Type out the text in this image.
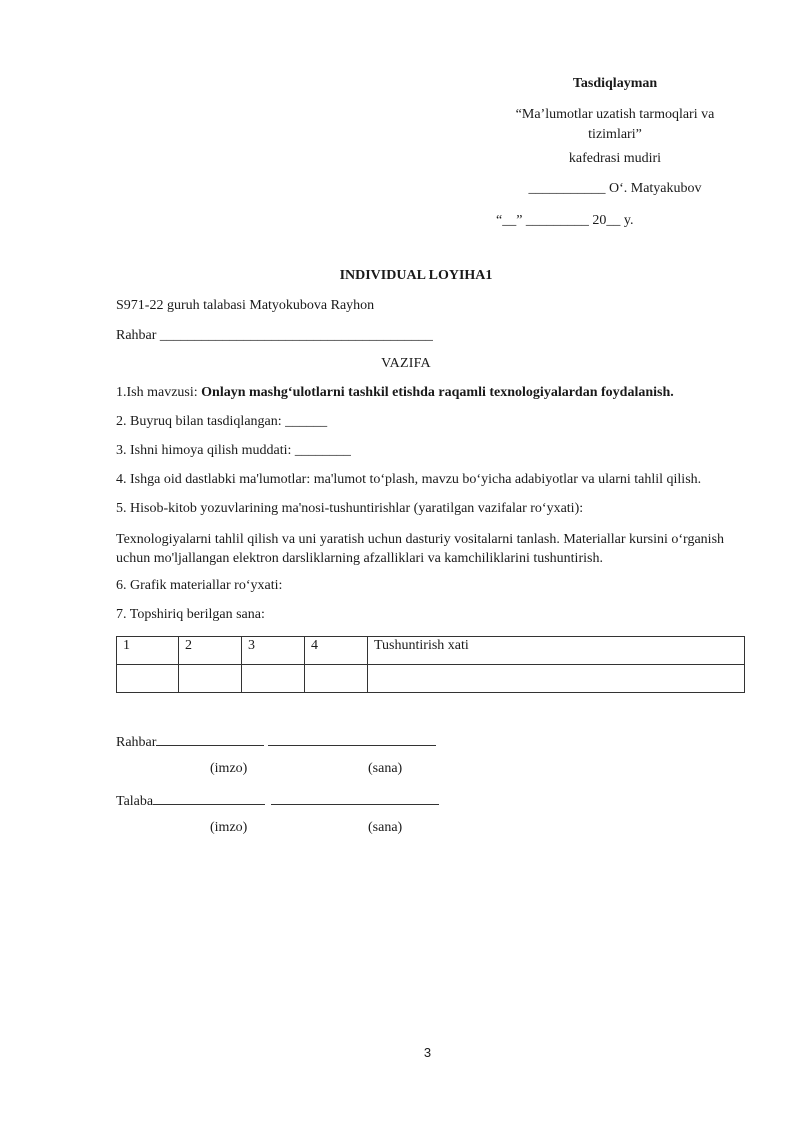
Tasdiqlayman
“Ma’lumotlar uzatish tarmoqlari va tizimlari”
kafedrasi mudiri
___________ O‘. Matyakubov
“__” _________ 20__ y.
INDIVIDUAL LOYIHA1
S971-22 guruh talabasi Matyokubova Rayhon
Rahbar _______________________________________
VAZIFA
1.Ish mavzusi: Onlayn mashg‘ulotlarni tashkil etishda raqamli texnologiyalardan foydalanish.
2. Buyruq bilan tasdiqlangan: ______
3. Ishni himoya qilish muddati: ________
4. Ishga oid dastlabki ma'lumotlar: ma'lumot to‘plash, mavzu bo‘yicha adabiyotlar va ularni tahlil qilish.
5. Hisob-kitob yozuvlarining ma'nosi-tushuntirishlar (yaratilgan vazifalar ro‘yxati):
Texnologiyalarni tahlil qilish va uni yaratish uchun dasturiy vositalarni tanlash. Materiallar kursini o‘rganish uchun mo'ljallangan elektron darsliklarning afzalliklari va kamchiliklarini tushuntirish.
6. Grafik materiallar ro‘yxati:
7. Topshiriq berilgan sana:
1	2	3	4	Tushuntirish xati

Rahbar
(imzo)	(sana)
Talaba
(imzo)	(sana)
3
